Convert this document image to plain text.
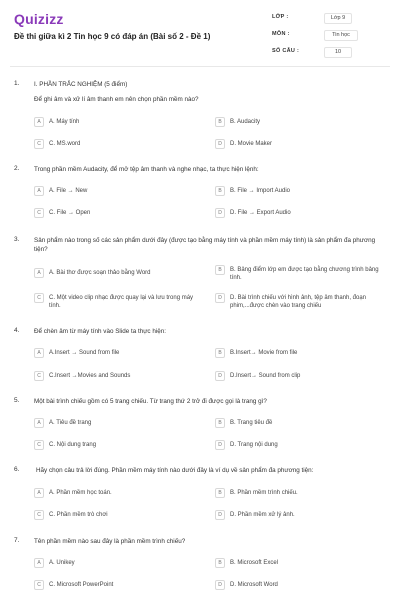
Quizizz
Đề thi giữa kì 2 Tin học 9 có đáp án (Bài số 2 - Đề 1)
LỚP :	Lớp 9
MÔN :	Tin học
SỐ CÂU :	10
1. I. PHẦN TRẮC NGHIỆM (5 điểm)
Để ghi âm và xử lí âm thanh em nên chọn phần mềm nào?
A	A. Máy tính	B	B. Audacity
C	C. MS.word	D	D. Movie Maker
2. Trong phần mềm Audacity, để mở tệp âm thanh và nghe nhạc, ta thực hiện lệnh:
A	A. File → New	B	B. File → Import Audio
C	C. File → Open	D	D. File → Export Audio
3. Sản phẩm nào trong số các sản phẩm dưới đây (được tạo bằng máy tính và phần mềm máy tính) là sản phẩm đa phương tiện?
A	A. Bài thơ được soạn thảo bằng Word	B	B. Bảng điểm lớp em được tạo bằng chương trình bảng tính.
C	C. Một video clip nhạc được quay lại và lưu trong máy tính.
D	D. Bài trình chiếu với hình ảnh, tệp âm thanh, đoạn phim,...được chèn vào trang chiếu
4. Để chèn âm từ máy tính vào Slide ta thực hiện:
A	A.Insert → Sound from file	B	B.Insert→ Movie from file
C	C.Insert →Movies and Sounds	D	D.Insert→ Sound from clip
5. Một bài trình chiếu gồm có 5 trang chiếu. Từ trang thứ 2 trở đi được gọi là trang gì?
A	A. Tiêu đề trang	B	B. Trang tiêu đề
C	C. Nội dung trang	D	D. Trang nội dung
6.	Hãy chọn câu trả lời đúng. Phần mềm máy tính nào dưới đây là ví dụ về sản phẩm đa phương tiện:
A	A. Phần mềm học toán.	B	B. Phần mềm trình chiếu.
C	C. Phần mềm trò chơi	D	D. Phần mềm xử lý ảnh.
7. Tên phần mềm nào sau đây là phần mềm trình chiếu?
A	A. Unikey	B	B. Microsoft Excel
C	C. Microsoft PowerPoint	D	D. Microsoft Word
